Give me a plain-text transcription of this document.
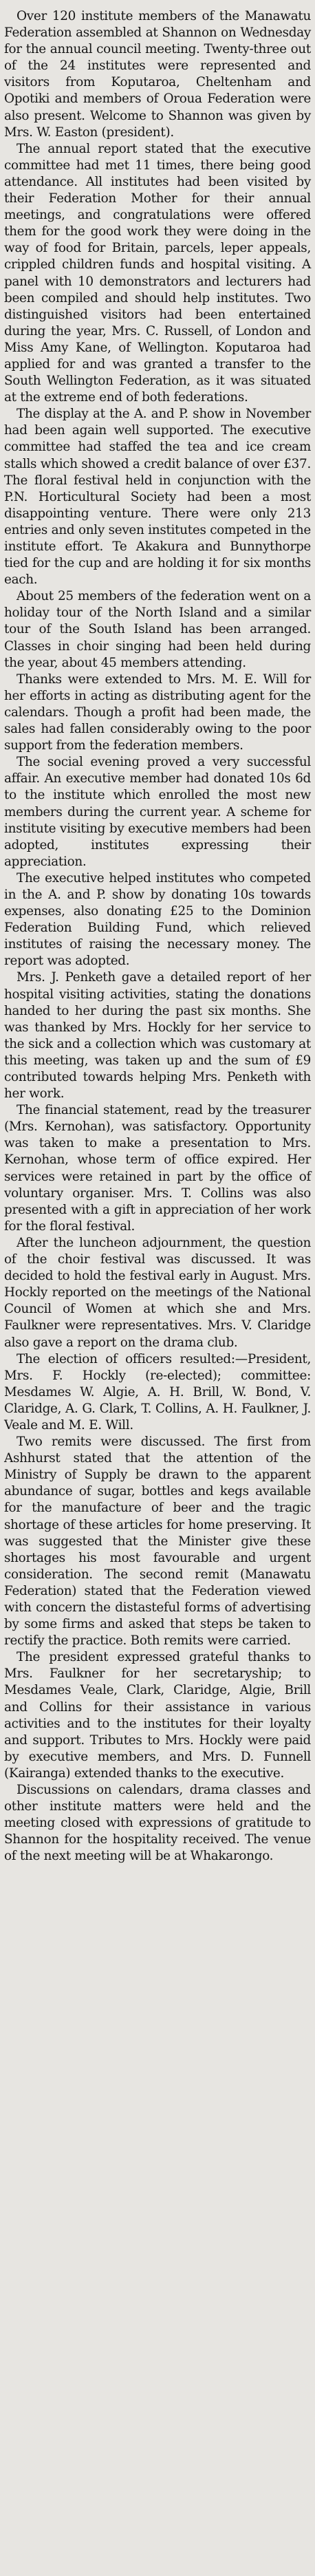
Over 120 institute members of the Manawatu Federation assembled at Shannon on Wednesday for the annual council meeting. Twenty-three out of the 24 institutes were represented and visitors from Koputaroa, Cheltenham and Opotiki and members of Oroua Federation were also present. Welcome to Shannon was given by Mrs. W. Easton (president).

The annual report stated that the executive committee had met 11 times, there being good attendance. All institutes had been visited by their Federation Mother for their annual meetings, and congratulations were offered them for the good work they were doing in the way of food for Britain, parcels, leper appeals, crippled children funds and hospital visiting. A panel with 10 demonstrators and lecturers had been compiled and should help institutes. Two distinguished visitors had been entertained during the year, Mrs. C. Russell, of London and Miss Amy Kane, of Wellington. Koputaroa had applied for and was granted a transfer to the South Wellington Federation, as it was situated at the extreme end of both federations.

The display at the A. and P. show in November had been again well supported. The executive committee had staffed the tea and ice cream stalls which showed a credit balance of over £37. The floral festival held in conjunction with the P.N. Horticultural Society had been a most disappointing venture. There were only 213 entries and only seven institutes competed in the institute effort. Te Akakura and Bunnythorpe tied for the cup and are holding it for six months each.

About 25 members of the federation went on a holiday tour of the North Island and a similar tour of the South Island has been arranged. Classes in choir singing had been held during the year, about 45 members attending.

Thanks were extended to Mrs. M. E. Will for her efforts in acting as distributing agent for the calendars. Though a profit had been made, the sales had fallen considerably owing to the poor support from the federation members.

The social evening proved a very successful affair. An executive member had donated 10s 6d to the institute which enrolled the most new members during the current year. A scheme for institute visiting by executive members had been adopted, institutes expressing their appreciation.

The executive helped institutes who competed in the A. and P. show by donating 10s towards expenses, also donating £25 to the Dominion Federation Building Fund, which relieved institutes of raising the necessary money. The report was adopted.

Mrs. J. Penketh gave a detailed report of her hospital visiting activities, stating the donations handed to her during the past six months. She was thanked by Mrs. Hockly for her service to the sick and a collection which was customary at this meeting, was taken up and the sum of £9 contributed towards helping Mrs. Penketh with her work.

The financial statement, read by the treasurer (Mrs. Kernohan), was satisfactory. Opportunity was taken to make a presentation to Mrs. Kernohan, whose term of office expired. Her services were retained in part by the office of voluntary organiser. Mrs. T. Collins was also presented with a gift in appreciation of her work for the floral festival.

After the luncheon adjournment, the question of the choir festival was discussed. It was decided to hold the festival early in August. Mrs. Hockly reported on the meetings of the National Council of Women at which she and Mrs. Faulkner were representatives. Mrs. V. Claridge also gave a report on the drama club.

The election of officers resulted:—President, Mrs. F. Hockly (re-elected); committee: Mesdames W. Algie, A. H. Brill, W. Bond, V. Claridge, A. G. Clark, T. Collins, A. H. Faulkner, J. Veale and M. E. Will.

Two remits were discussed. The first from Ashhurst stated that the attention of the Ministry of Supply be drawn to the apparent abundance of sugar, bottles and kegs available for the manufacture of beer and the tragic shortage of these articles for home preserving. It was suggested that the Minister give these shortages his most favourable and urgent consideration. The second remit (Manawatu Federation) stated that the Federation viewed with concern the distasteful forms of advertising by some firms and asked that steps be taken to rectify the practice. Both remits were carried.

The president expressed grateful thanks to Mrs. Faulkner for her secretaryship; to Mesdames Veale, Clark, Claridge, Algie, Brill and Collins for their assistance in various activities and to the institutes for their loyalty and support. Tributes to Mrs. Hockly were paid by executive members, and Mrs. D. Funnell (Kairanga) extended thanks to the executive.

Discussions on calendars, drama classes and other institute matters were held and the meeting closed with expressions of gratitude to Shannon for the hospitality received. The venue of the next meeting will be at Whakarongo.
